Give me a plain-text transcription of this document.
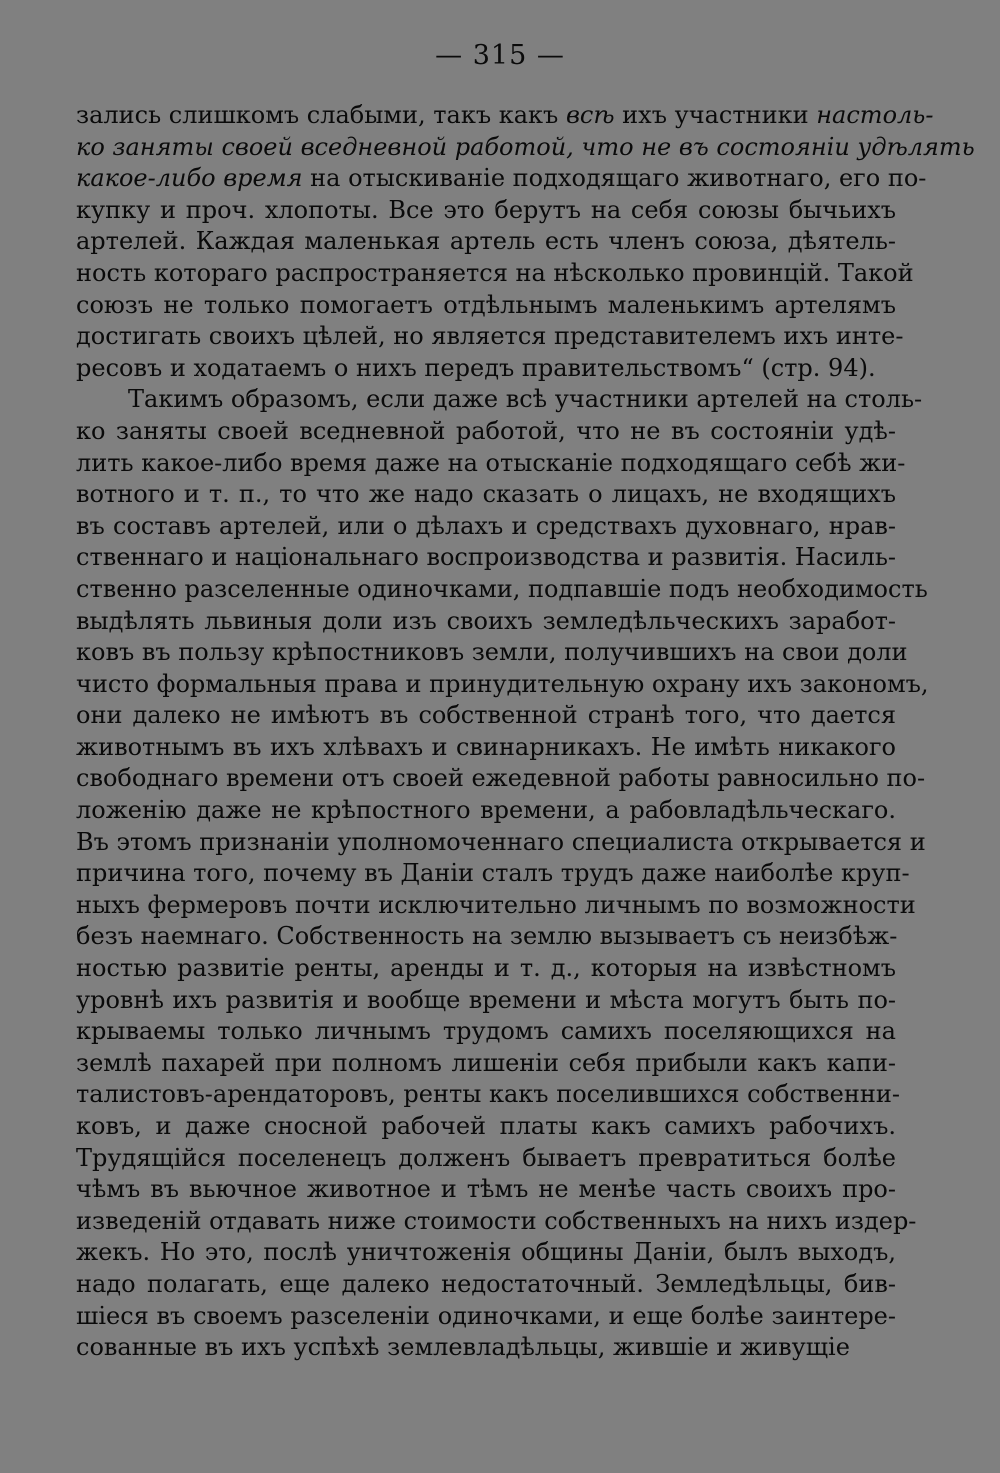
— 315 —
зались слишкомъ слабыми, такъ какъ всѣ ихъ участники настоль-
ко заняты своей вседневной работой, что не въ состояніи удѣлять
какое-либо время на отыскиваніе подходящаго животнаго, его по-
купку и проч. хлопоты. Все это берутъ на себя союзы бычьихъ
артелей. Каждая маленькая артель есть членъ союза, дѣятель-
ность котораго распространяется на нѣсколько провинцій. Такой
союзъ не только помогаетъ отдѣльнымъ маленькимъ артелямъ
достигать своихъ цѣлей, но является представителемъ ихъ инте-
ресовъ и ходатаемъ о нихъ передъ правительствомъ“ (стр. 94).
Такимъ образомъ, если даже всѣ участники артелей на столь-
ко заняты своей вседневной работой, что не въ состояніи удѣ-
лить какое-либо время даже на отысканіе подходящаго себѣ жи-
вотного и т. п., то что же надо сказать о лицахъ, не входящихъ
въ составъ артелей, или о дѣлахъ и средствахъ духовнаго, нрав-
ственнаго и національнаго воспроизводства и развитія. Насиль-
ственно разселенные одиночками, подпавшіе подъ необходимость
выдѣлять львиныя доли изъ своихъ земледѣльческихъ заработ-
ковъ въ пользу крѣпостниковъ земли, получившихъ на свои доли
чисто формальныя права и принудительную охрану ихъ закономъ,
они далеко не имѣютъ въ собственной странѣ того, что дается
животнымъ въ ихъ хлѣвахъ и свинарникахъ. Не имѣть никакого
свободнаго времени отъ своей ежедевной работы равносильно по-
ложенію даже не крѣпостного времени, а рабовладѣльческаго.
Въ этомъ признаніи уполномоченнаго специалиста открывается и
причина того, почему въ Даніи сталъ трудъ даже наиболѣе круп-
ныхъ фермеровъ почти исключительно личнымъ по возможности
безъ наемнаго. Собственность на землю вызываетъ съ неизбѣж-
ностью развитіе ренты, аренды и т. д., которыя на извѣстномъ
уровнѣ ихъ развитія и вообще времени и мѣста могутъ быть по-
крываемы только личнымъ трудомъ самихъ поселяющихся на
землѣ пахарей при полномъ лишеніи себя прибыли какъ капи-
талистовъ-арендаторовъ, ренты какъ поселившихся собственни-
ковъ, и даже сносной рабочей платы какъ самихъ рабочихъ.
Трудящійся поселенецъ долженъ бываетъ превратиться болѣе
чѣмъ въ вьючное животное и тѣмъ не менѣе часть своихъ про-
изведеній отдавать ниже стоимости собственныхъ на нихъ издер-
жекъ. Но это, послѣ уничтоженія общины Даніи, былъ выходъ,
надо полагать, еще далеко недостаточный. Земледѣльцы, бив-
шіеся въ своемъ разселеніи одиночками, и еще болѣе заинтере-
сованные въ ихъ успѣхѣ землевладѣльцы, жившіе и живущіе
